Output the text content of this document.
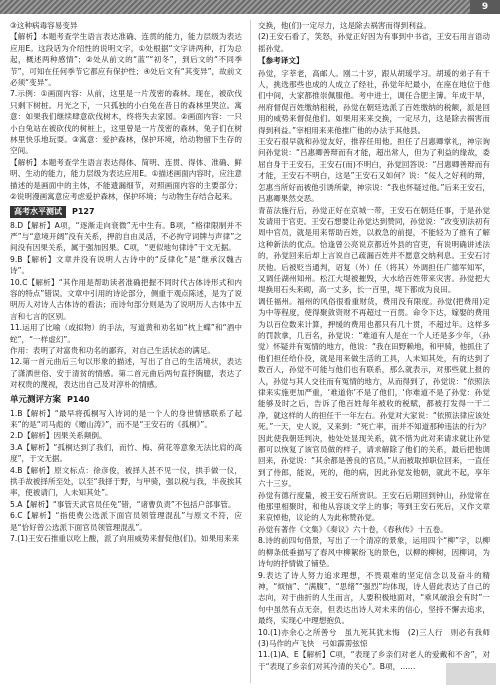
9

③这种病毒容易变异

【解析】本题考查学生语言表达准确、连贯的能力，能力层级为表达应用E。这段话为介绍性的说明文字，①处根据“文字讲两种，打为总起，概述两种感情”；②处从前文的“蓝”“初冬”，到后文的“不同季节”，可知在任何季节它都应有保护性；④处后文有“其变异”，故前文必须“变异”。

7.示例：①画面内容：从前，这里是一片茂密的森林。现在，被砍伐只剩下树桩。月光之下，一只孤独的小白兔在昔日的森林里哭泣。寓意：如果我们继续肆意砍伐树木，终将失去家园。②画面内容：一只小白兔站在被砍伐的树桩上，这里曾是一片茂密的森林，兔子们在树林里快乐地玩耍。③寓意：爱护森林，保护环境，给动物留下生存的空间。

【解析】本题考查学生语言表达得体、简明、连贯、得体、准确、鲜明、生动的能力，能力层级为表达应用E。①描述画面内容时，应注意描述的是画面中的主体，不能遗漏细节，对照画面内容的主要部分；②说明漫画寓意应考虑爱护森林，保护环境；与动物生存结合起来。

高考水平测试	P127

8.D【解析】A项，“逐渐走向衰微”无中生有。B项，“格律限制并不严”与“意境开阔”没有关系，押韵自由灵活，不必拘守词牌与声律”之间没有因果关系，属于强加因果。C项，“更似地句律诗”于文无据。

9.B【解析】文章并没有说明人古诗中的“反律化”是“继承汉魏古诗”。

10.C【解析】“其作用是帮助读者准确把握不同时代古体诗形式和内容的特点”错误。文章中引用的诗论部分，侧重于观点陈述，是为了说明历人对诗人古体诗的看法；而诗句部分则是为了说明历人古体中五言和七言的区别。

11.运用了比喻（或拟物）的手法，写道黄和劝名如“枕上蝶”和“酒中蛇”，“一样虚幻”。

作用：表明了对富贵和功名的鄙弃，对自己生活状态的满足。

12.第一首元曲后三句以形象的描述，写出了自己的生活境状，表达了潇洒世俗、安于清贫的情感。第二首元曲后两句直抒胸臆，表达了对权贵的蔑视，表达出自己及对淳朴的情感。

单元测评方案 P140

1.B【解析】“最早将孤桐写入诗词的是一个人的身世情感联系了起来”的是“司马彪的《赠山涛》”，而不是“王安石的《孤桐》”。

2.D【解析】因果关系颠倒。

3.A【解析】“孤桐达到了我们，而竹、梅、荷花等意象无法比肩的高度”，于文无据。

4.B【解析】原文标点：徐彦俊，被择人甚不见一仪，拱手做一仪，拱手故被择所至处，以至“我择于野，与甲骑，强以税与我，半夜挨其率，使被请门，人未知其处”。

5.A【解析】“事管天武官员任免”错，“诸曹负责”不包括户部事管。

6.C【解析】“指使费公选派下面官员领管理混乱”与原文不符，应是“恰好曾公选派下面官员领管理混乱”。

7.(1)王安石推重以吃上酸，派了向用威势来督促他(们)。如果用来来

交换，他(们)一定尽力，这是除去祸害而得到利益。

(2)王安石看了，笑怒，孙觉正好因为有事到中书省，王安石用言语动摇孙觉。

【参考译文】

孙觉，字莘老，高邮人。刚二十岁，跟从胡瑗学习。胡瑗的弟子有千人，挑选那些也成的人成立了经社，孙觉年纪最小，在座在地位于他们中间，大家都推崇佩服他。考中进士，调任合肥主簿。年成干旱，州府督促百姓缴纳租税，孙觉在朝廷选派了百姓缴纳的税额，派是回用的威势来督促他们。如果用来来交换，一定尽力，这是除去祸害而得到利益。”宰相用来来他推广他的办法于其他县。

王安石很早就和孙觉友好，推荐任用他。担任了吕惠卿掌礼，神宗询问孙觉说：“吕惠卿善辩而有才能，超出常人，但为了利益的缘故，委屈自身于王安石，王安石(而)不明白，孙觉回答说：“吕惠卿善辩而有才能，王安石不明白，这是”王安石又如何？说：“佞人之好利的辩，怎惠当所好而被他引诱所蒙，神宗说：“我也怀疑过他。”后来王安石，吕惠卿果然交恶。

青苗法施行后，孙觉正好在京城一带，王安石在朝廷任事，于是孙觉发请用于官吏。王安石想要让孙觉达到赞同，孙觉说：“改变别法初有周中官员，就是用来帮助百姓，以救急的前提，不能轻为了推有了解这种新法的优点。恰逢曾公亮说京都近外县的官吏，有说明确讲述法的，孙觉回来后却上言说自己疏漏百姓并不愿意交纳利息。王安石讨厌他。后被贬当通判，诏复（外）任（将其）外调担任广德军知军，又调任湖州知州。松江大堤被摧毁，大水给百姓带来灾害。孙觉把大堤换用石头来砌，高一丈多，长一百里，堤下都成为良田。

调任福州。福州的风俗很看重财货，费用没有限度。孙觉(把费用)定为中等程度，使得聚敛资财不再超过一百贯。命令下达，嫁娶的费用为以百位数来计算，押缓的费用也都只有几十贯，不超过年。这样多的罚款拿，几百名，孙觉说：“难道有人是在一个人还是多少年，（孙觉）怀疑并有冤情的地方，他说：“我在田野赖地，和甲骑，他抓住了他们担任给仆役，就是用来做生活的工具，人未知其处，有的达到了数百人，孙觉不可能与他们也有联系，那么就表示，对那些就上报的人，孙觉与其人交往而有冤情的地方，从而得到了，孙觉说：“依照法律来实施更加严重，‘难道你’不是了他们，‘你难道不是了孙觉：孙觉能够及时之后，告诉了他百姓每年被收的税赋，都被打发得一干二净，就这样的人的担任干一年左右。孙觉对大家说：“依照法律应该处死。”一天，史人说，又来到：“死亡率，而并不知道那种违法的行为？因此使我朝廷判决，他处处显现关系，就不惜为此对来请求就让孙觉都可以恢复了该官员做的样子，请求解除了他们的关系，最后把他调回来，孙觉说：“其余都是善良的官员。”从而被取掉职位回来，一直任到了侍郎，能说，死的，他的病，因此孙觉发他朝，就此不起，享年六十三岁。

孙觉有德行度量，被王安石所赏识。王安石后期回到钟山，孙觉常在他那里相聚时，和他从容谈文学上的事；等到王安石死后，又作文章来哀悼他，议论的人为此称赞孙觉。

孙觉有著作《文集》《奏议》六十卷，《春秋传》十五卷。

8.诗的前四句借景，写出了一个清凉的景象，运用四个“柳”字，以柳的柳条低垂描写了春风中柳絮纷飞的景色，以柳的柳树，因柳词，为诗句的抒情做了铺垫。

9.表达了诗人努力追求理想，不畏艰难的坚定信念以及奋斗的精神，“烦恼”、“满腹”、“思绪”“强烈”均体现，诗人借此表达了自己的志向，对于曲折的人生而言，人要积极地面对，“乘风破浪会有时”一句中虽然有点无奈，但表达出诗人对未来的信心，坚持不懈去追求，最终，实现心中理想抱负。

10.(1)亦余心之所善兮　虽九死其犹未悔　(2)三人行　则必有我师　(3)马作的卢飞快　弓如霹雳弦惊

11.(1)A、E【解析】C项，“表现了乡亲们对老人的爱戴和不舍”，对于“表现了乡亲们对其冷清的关心”。B项，……
